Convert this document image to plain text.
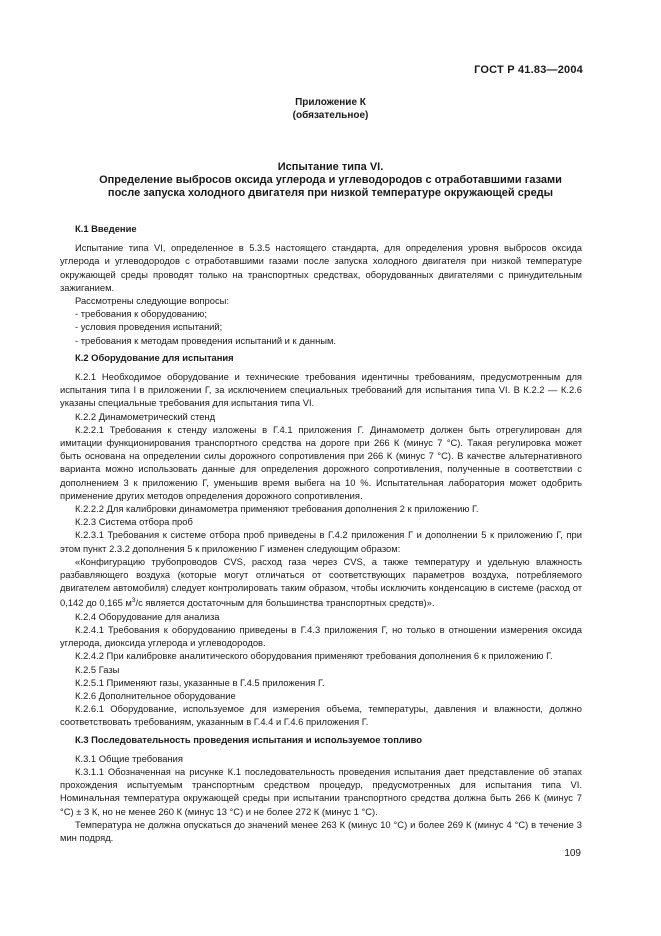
ГОСТ Р 41.83—2004
Приложение К
(обязательное)
Испытание типа VI.
Определение выбросов оксида углерода и углеводородов с отработавшими газами
после запуска холодного двигателя при низкой температуре окружающей среды
К.1 Введение

Испытание типа VI, определенное в 5.3.5 настоящего стандарта, для определения уровня выбросов оксида углерода и углеводородов с отработавшими газами после запуска холодного двигателя при низкой температуре окружающей среды проводят только на транспортных средствах, оборудованных двигателями с принудительным зажиганием.

Рассмотрены следующие вопросы:

- требования к оборудованию;

- условия проведения испытаний;

- требования к методам проведения испытаний и к данным.

К.2 Оборудование для испытания

К.2.1 Необходимое оборудование и технические требования идентичны требованиям, предусмотренным для испытания типа I в приложении Г, за исключением специальных требований для испытания типа VI. В К.2.2 — К.2.6 указаны специальные требования для испытания типа VI.

К.2.2 Динамометрический стенд

К.2.2.1 Требования к стенду изложены в Г.4.1 приложения Г. Динамометр должен быть отрегулирован для имитации функционирования транспортного средства на дороге при 266 К (минус 7 °С). Такая регулировка может быть основана на определении силы дорожного сопротивления при 266 К (минус 7 °С). В качестве альтернативного варианта можно использовать данные для определения дорожного сопротивления, полученные в соответствии с дополнением 3 к приложению Г, уменьшив время выбега на 10 %. Испытательная лаборатория может одобрить применение других методов определения дорожного сопротивления.

К.2.2.2 Для калибровки динамометра применяют требования дополнения 2 к приложению Г.

К.2.3 Система отбора проб

К.2.3.1 Требования к системе отбора проб приведены в Г.4.2 приложения Г и дополнении 5 к приложению Г, при этом пункт 2.3.2 дополнения 5 к приложению Г изменен следующим образом:

«Конфигурацию трубопроводов CVS, расход газа через CVS, а также температуру и удельную влажность разбавляющего воздуха (которые могут отличаться от соответствующих параметров воздуха, потребляемого двигателем автомобиля) следует контролировать таким образом, чтобы исключить конденсацию в системе (расход от 0,142 до 0,165 $м^3/с$ является достаточным для большинства транспортных средств)».

К.2.4 Оборудование для анализа

К.2.4.1 Требования к оборудованию приведены в Г.4.3 приложения Г, но только в отношении измерения оксида углерода, диоксида углерода и углеводородов.

К.2.4.2 При калибровке аналитического оборудования применяют требования дополнения 6 к приложению Г.

К.2.5 Газы

К.2.5.1 Применяют газы, указанные в Г.4.5 приложения Г.

К.2.6 Дополнительное оборудование

К.2.6.1 Оборудование, используемое для измерения объема, температуры, давления и влажности, должно соответствовать требованиям, указанным в Г.4.4 и Г.4.6 приложения Г.

К.3 Последовательность проведения испытания и используемое топливо

К.3.1 Общие требования

К.3.1.1 Обозначенная на рисунке К.1 последовательность проведения испытания дает представление об этапах прохождения испытуемым транспортным средством процедур, предусмотренных для испытания типа VI. Номинальная температура окружающей среды при испытании транспортного средства должна быть 266 К (минус 7 °С) ± 3 К, но не менее 260 К (минус 13 °С) и не более 272 К (минус 1 °С).

Температура не должна опускаться до значений менее 263 К (минус 10 °С) и более 269 К (минус 4 °С) в течение 3 мин подряд.

109
